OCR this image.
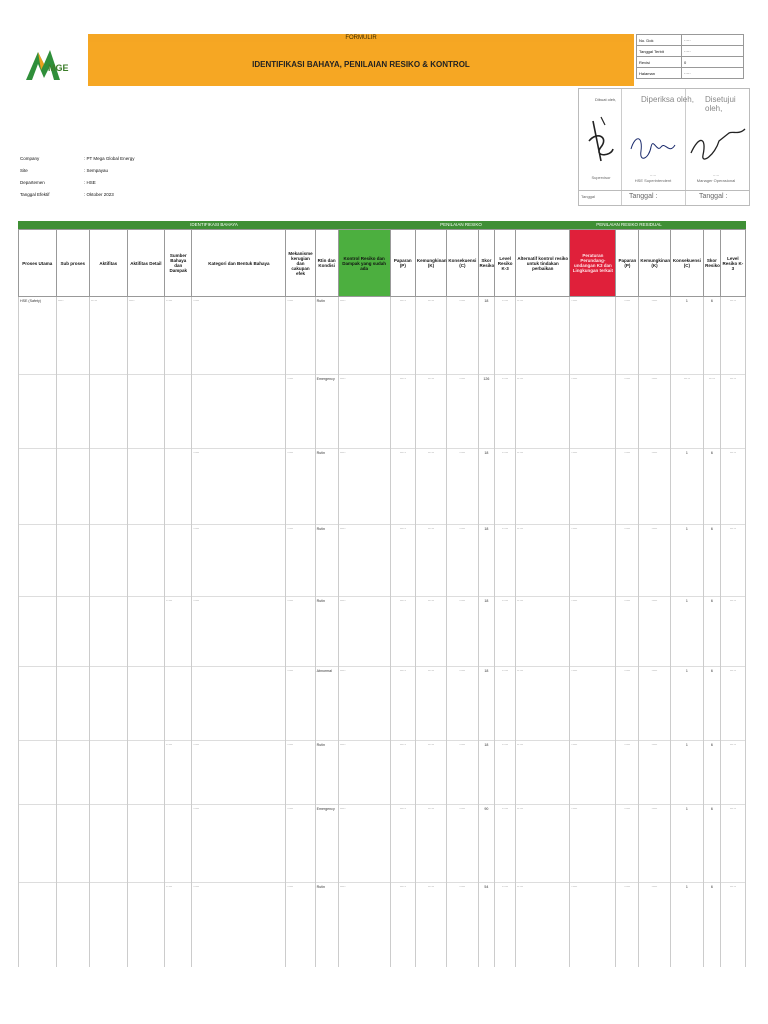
FORMULIR
IDENTIFIKASI BAHAYA, PENILAIAN RESIKO & KONTROL
MGE
No. Dok	·····
Tanggal Terbit	·····
Revisi	0
Halaman	·····
Company	: PT Mega Global Energy
Site	: Sempayau
Departemen	: HSE
Tanggal Efektif	: Oktober 2023
Dibuat oleh,	Diperiksa oleh, Disetujui oleh,
Supervisor	·····
HSE Superintendent
·····
Manager Operasional
Tanggal	Tanggal :	Tanggal :
IDENTIFIKASI BAHAYA	PENILAIAN RESIKO	PENILAIAN RESIKO RESIDUAL
Proses Utama	Sub proses	Aktifitas	Aktifitas Detail	Sumber Bahaya dan Dampak	Kategori dan Bentuk Bahaya	Mekanisme kerugian dan cakupan efek	Rtin dan Kondisi	Kontrol Resiko dan Dampak yang sudah ada	Paparan (P)	Kemungkinan (K)	Konsekuensi (C)	Skor Resiko	Level Resiko K-3	Alternatif kontrol resiko untuk tindakan perbaikan	Peraturan Perundang-undangan K3 dan Lingkungan terkait	Paparan (P)	Kemungkinan (K)	Konsekuensi (C)	Skor Resiko	Level Resiko K-3
HSE (Safety)	·····	·····	·····	·····	·····	·····	Rutin	·····	·····	·····	·····	18	·····	·····	·····	·····	·····	1	6	·····
						·····	Emergency	·····	·····	·····	·····	126	·····	·····	·····	·····	·····	·····	·····	·····
					·····	·····	Rutin	·····	·····	·····	·····	18	·····	·····	·····	·····	·····	1	6	·····
					·····	·····	Rutin	·····	·····	·····	·····	18	·····	·····	·····	·····	·····	1	6	·····
				·····	·····	·····	Rutin	·····	·····	·····	·····	18	·····	·····	·····	·····	·····	1	6	·····
						·····	Abnormal	·····	·····	·····	·····	18	·····	·····	·····	·····	·····	1	6	·····
				·····	·····	·····	Rutin	·····	·····	·····	·····	18	·····	·····	·····	·····	·····	1	6	·····
					·····	·····	Emergency	·····	·····	·····	·····	90	·····	·····	·····	·····	·····	1	6	·····
				·····	·····	·····	Rutin	·····	·····	·····	·····	54	·····	·····	·····	·····	·····	1	6	·····
